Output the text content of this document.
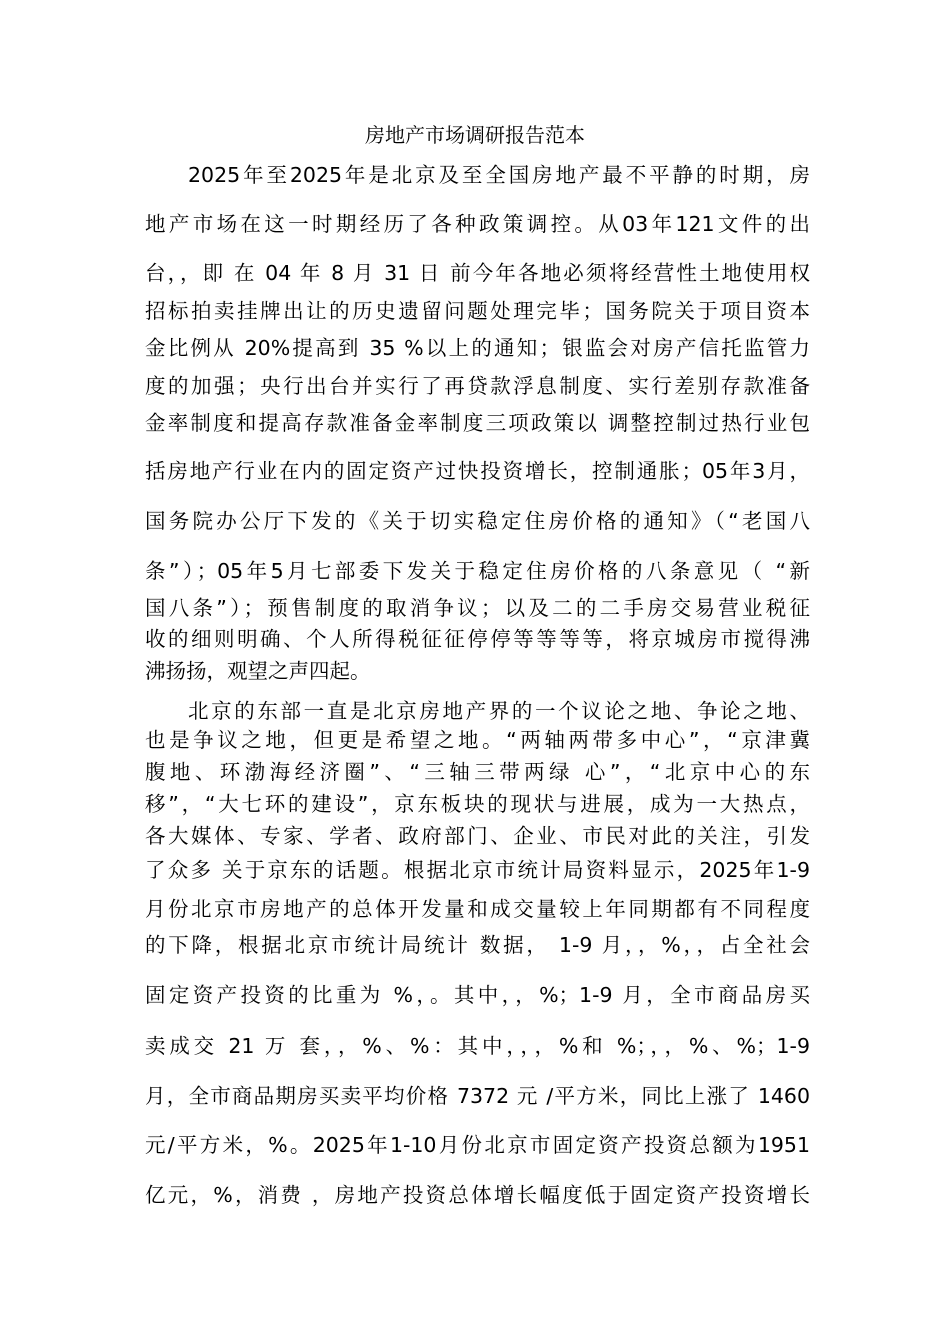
房地产市场调研报告范本
2025年至2025年是北京及至全国房地产最不平静的时期，房
地产市场在这一时期经历了各种政策调控。从03年121文件的出
台，，即 在 04 年 8 月 31 日 前今年各地必须将经营性土地使用权
招标拍卖挂牌出让的历史遗留问题处理完毕；国务院关于项目资本
金比例从 20%提高到 35 %以上的通知；银监会对房产信托监管力
度的加强；央行出台并实行了再贷款浮息制度、实行差别存款准备
金率制度和提高存款准备金率制度三项政策以 调整控制过热行业包
括房地产行业在内的固定资产过快投资增长，控制通胀；05年3月，
国务院办公厅下发的《关于切实稳定住房价格的通知》（“老国八
条”）；05年5月七部委下发关于稳定住房价格的八条意见（ “新
国八条”）；预售制度的取消争议；以及二的二手房交易营业税征
收的细则明确、个人所得税征征停停等等等等，将京城房市搅得沸
沸扬扬，观望之声四起。
北京的东部一直是北京房地产界的一个议论之地、争论之地、
也是争议之地，但更是希望之地。“两轴两带多中心”，“京津冀
腹地、环渤海经济圈”、“三轴三带两绿 心”，“北京中心的东
移”，“大七环的建设”，京东板块的现状与进展，成为一大热点，
各大媒体、专家、学者、政府部门、企业、市民对此的关注，引发
了众多 关于京东的话题。根据北京市统计局资料显示，2025年1-9
月份北京市房地产的总体开发量和成交量较上年同期都有不同程度
的下降，根据北京市统计局统计 数据， 1-9 月，，%，，占全社会
固定资产投资的比重为 %，。其中，，%；1-9 月，全市商品房买
卖成交 21 万 套，，%、%：其中，，，%和 %；，，%、%；1-9
月，全市商品期房买卖平均价格 7372 元 /平方米，同比上涨了 1460
元/平方米，%。2025年1-10月份北京市固定资产投资总额为1951
亿元，%，消费 ，房地产投资总体增长幅度低于固定资产投资增长
